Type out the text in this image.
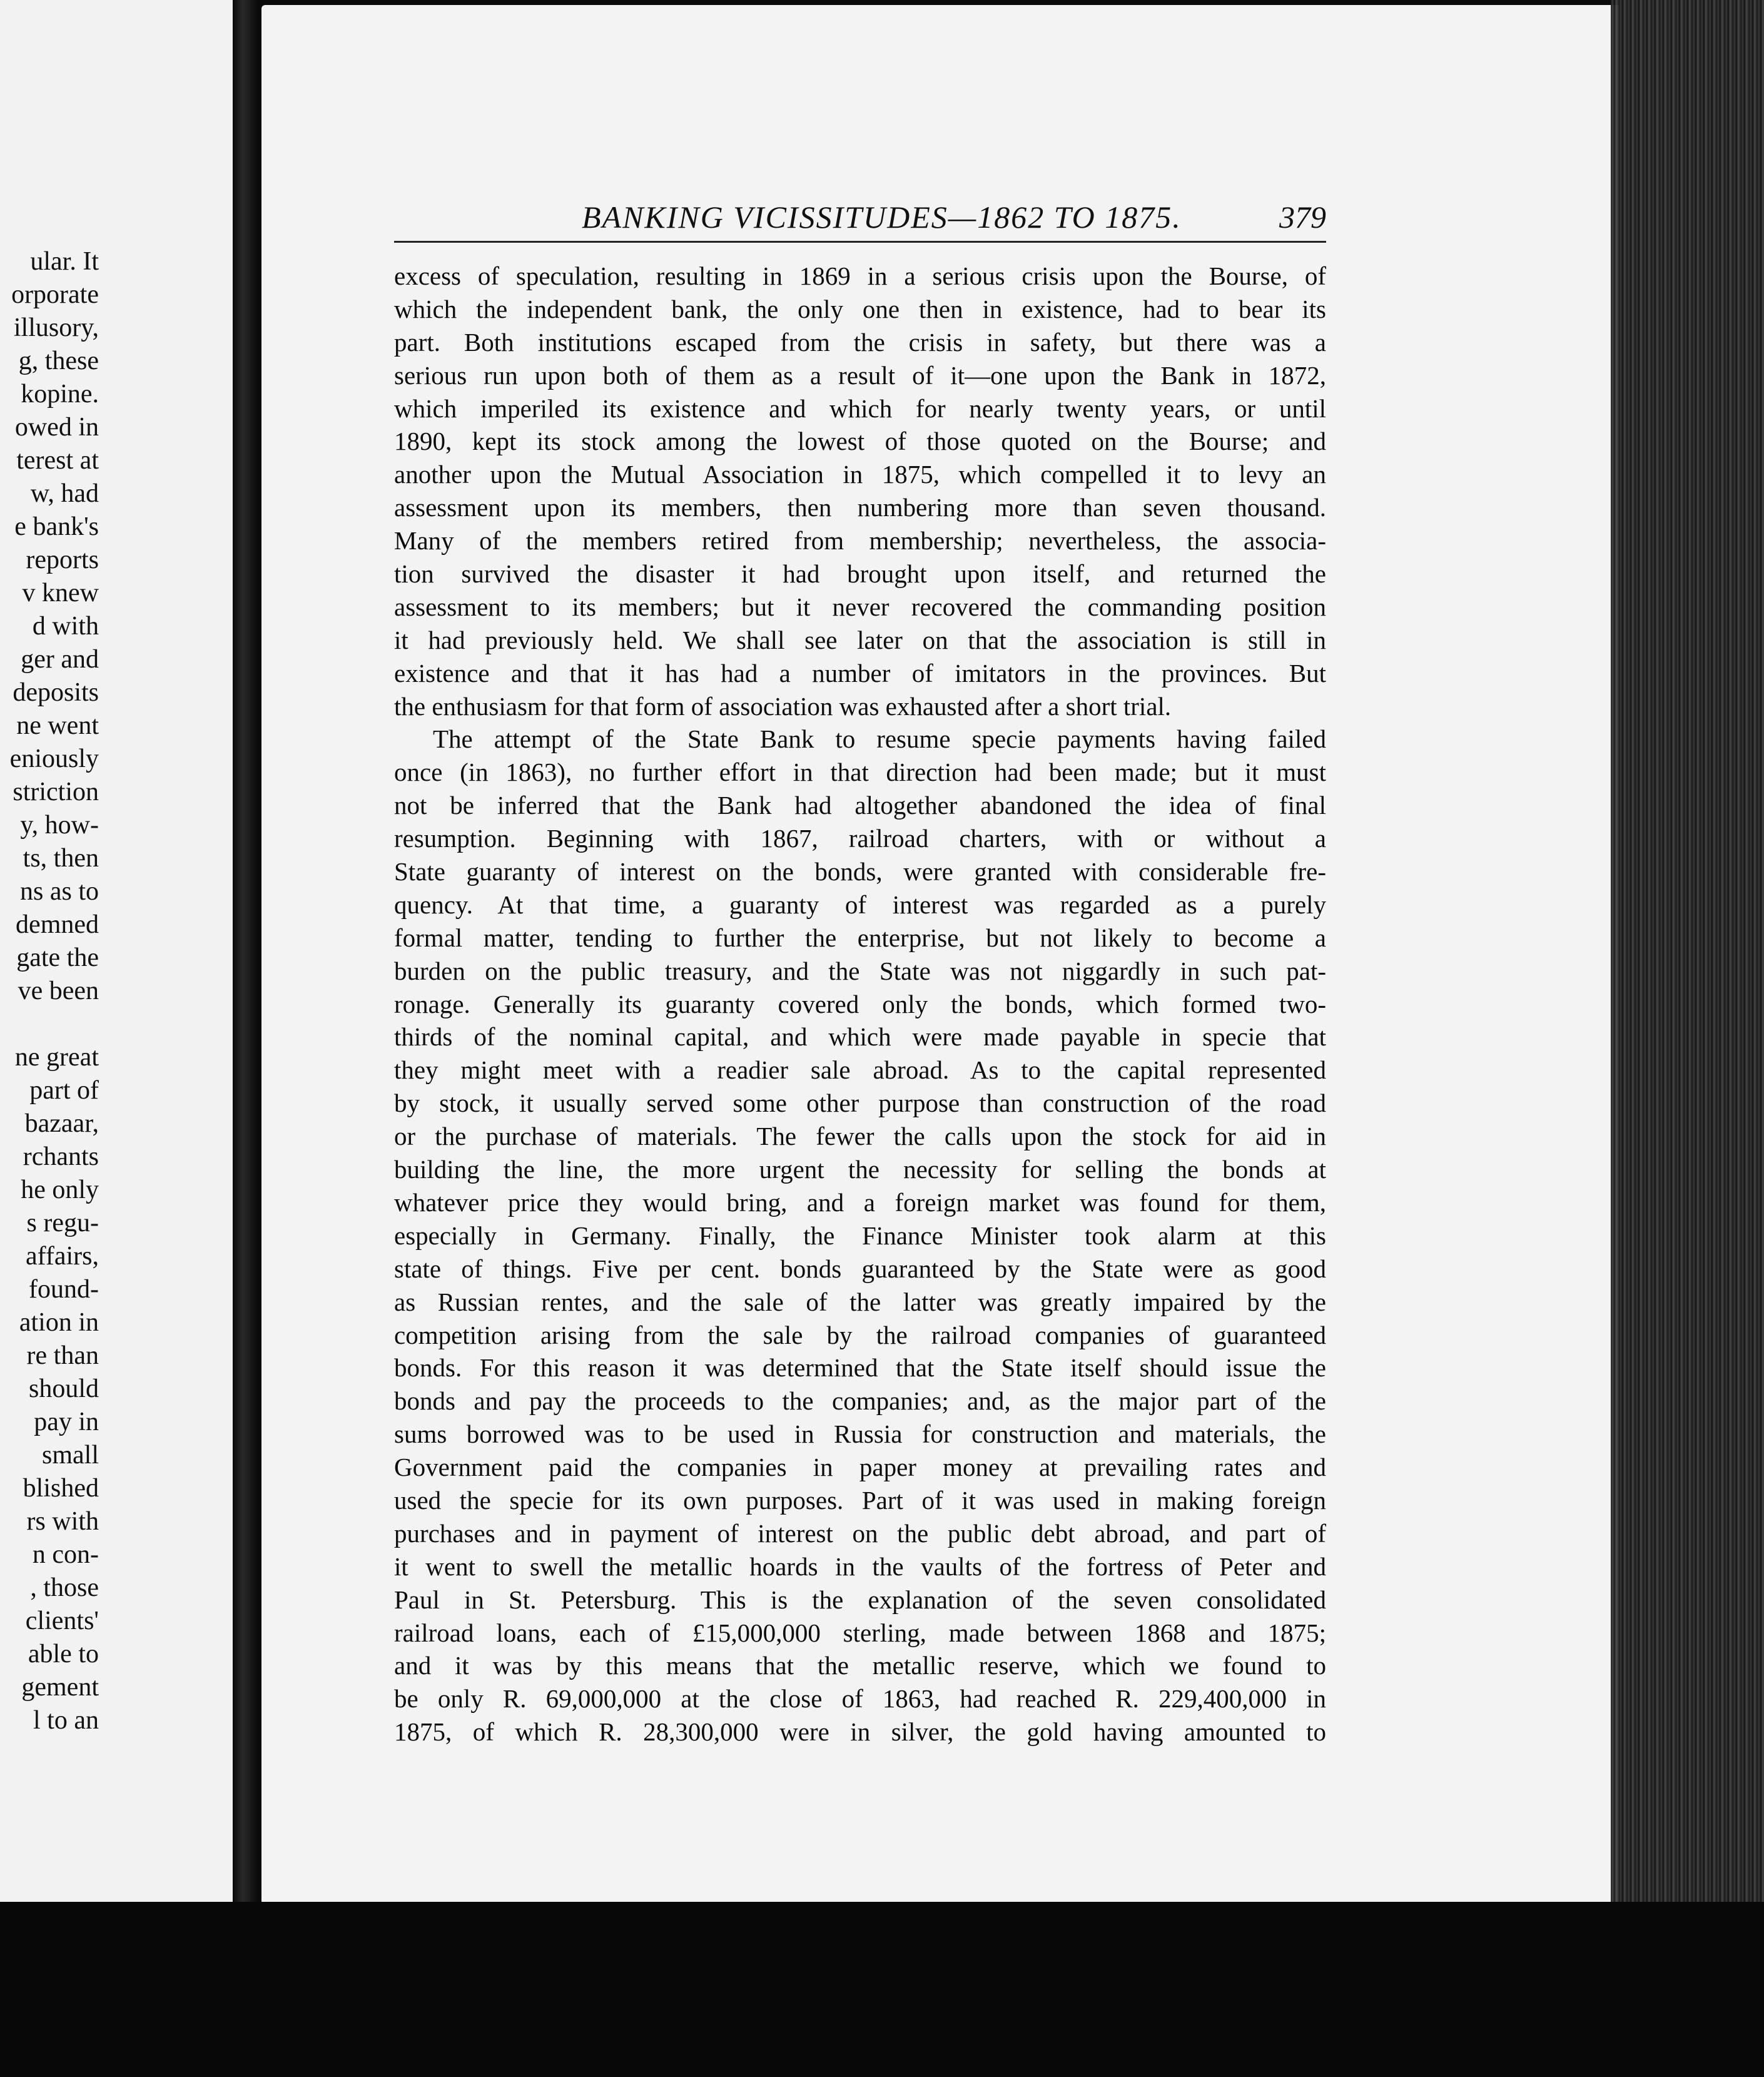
ular. It
orporate
illusory,
g, these
kopine.
owed in
terest at
w, had
e bank's
reports
v knew
d with
ger and
deposits
ne went
eniously
striction
y, how-
ts, then
ns as to
demned
gate the
ve been
ne great
part of
bazaar,
rchants
he only
s regu-
affairs,
found-
ation in
re than
should
pay in
small
blished
rs with
n con-
, those
clients'
able to
gement
l to an
BANKING VICISSITUDES—1862 TO 1875.	379
excess of speculation, resulting in 1869 in a serious crisis upon the Bourse, of
which the independent bank, the only one then in existence, had to bear its
part. Both institutions escaped from the crisis in safety, but there was a
serious run upon both of them as a result of it—one upon the Bank in 1872,
which imperiled its existence and which for nearly twenty years, or until
1890, kept its stock among the lowest of those quoted on the Bourse; and
another upon the Mutual Association in 1875, which compelled it to levy an
assessment upon its members, then numbering more than seven thousand.
Many of the members retired from membership; nevertheless, the associa-
tion survived the disaster it had brought upon itself, and returned the
assessment to its members; but it never recovered the commanding position
it had previously held. We shall see later on that the association is still in
existence and that it has had a number of imitators in the provinces. But
the enthusiasm for that form of association was exhausted after a short trial.
The attempt of the State Bank to resume specie payments having failed
once (in 1863), no further effort in that direction had been made; but it must
not be inferred that the Bank had altogether abandoned the idea of final
resumption. Beginning with 1867, railroad charters, with or without a
State guaranty of interest on the bonds, were granted with considerable fre-
quency. At that time, a guaranty of interest was regarded as a purely
formal matter, tending to further the enterprise, but not likely to become a
burden on the public treasury, and the State was not niggardly in such pat-
ronage. Generally its guaranty covered only the bonds, which formed two-
thirds of the nominal capital, and which were made payable in specie that
they might meet with a readier sale abroad. As to the capital represented
by stock, it usually served some other purpose than construction of the road
or the purchase of materials. The fewer the calls upon the stock for aid in
building the line, the more urgent the necessity for selling the bonds at
whatever price they would bring, and a foreign market was found for them,
especially in Germany. Finally, the Finance Minister took alarm at this
state of things. Five per cent. bonds guaranteed by the State were as good
as Russian rentes, and the sale of the latter was greatly impaired by the
competition arising from the sale by the railroad companies of guaranteed
bonds. For this reason it was determined that the State itself should issue the
bonds and pay the proceeds to the companies; and, as the major part of the
sums borrowed was to be used in Russia for construction and materials, the
Government paid the companies in paper money at prevailing rates and
used the specie for its own purposes. Part of it was used in making foreign
purchases and in payment of interest on the public debt abroad, and part of
it went to swell the metallic hoards in the vaults of the fortress of Peter and
Paul in St. Petersburg. This is the explanation of the seven consolidated
railroad loans, each of £15,000,000 sterling, made between 1868 and 1875;
and it was by this means that the metallic reserve, which we found to
be only R. 69,000,000 at the close of 1863, had reached R. 229,400,000 in
1875, of which R. 28,300,000 were in silver, the gold having amounted to
